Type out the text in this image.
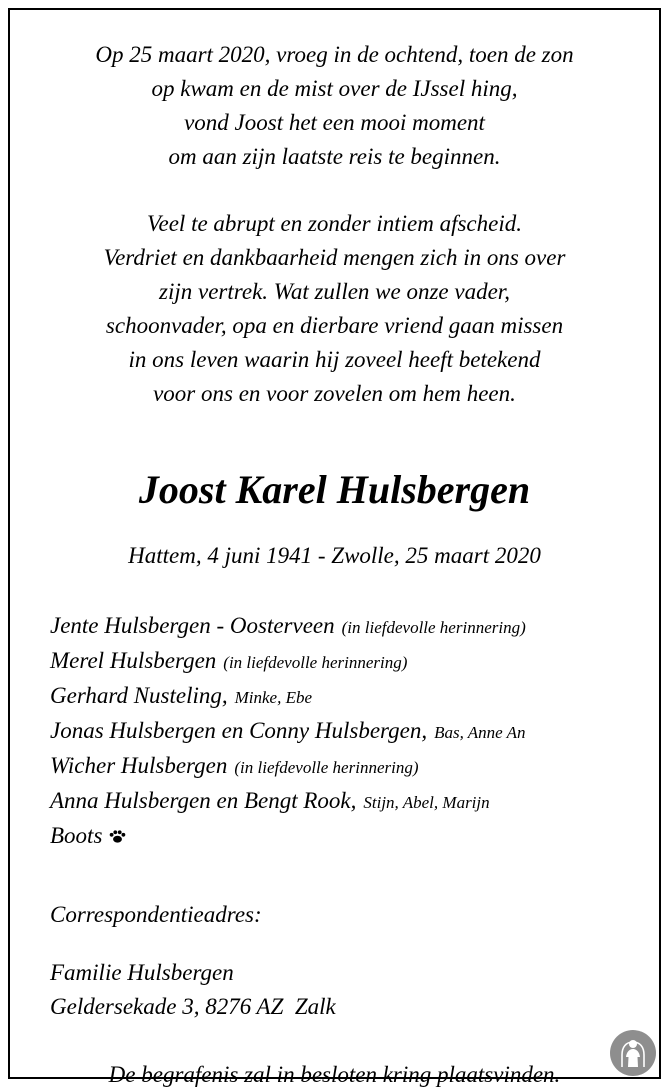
Op 25 maart 2020, vroeg in de ochtend, toen de zon
op kwam en de mist over de IJssel hing,
vond Joost het een mooi moment
om aan zijn laatste reis te beginnen.
Veel te abrupt en zonder intiem afscheid.
Verdriet en dankbaarheid mengen zich in ons over
zijn vertrek. Wat zullen we onze vader,
schoonvader, opa en dierbare vriend gaan missen
in ons leven waarin hij zoveel heeft betekend
voor ons en voor zovelen om hem heen.
Joost Karel Hulsbergen
Hattem, 4 juni 1941 - Zwolle, 25 maart 2020
Jente Hulsbergen - Oosterveen (in liefdevolle herinnering)
Merel Hulsbergen (in liefdevolle herinnering)
Gerhard Nusteling, Minke, Ebe
Jonas Hulsbergen en Conny Hulsbergen, Bas, Anne An
Wicher Hulsbergen (in liefdevolle herinnering)
Anna Hulsbergen en Bengt Rook, Stijn, Abel, Marijn
Boots
Correspondentieadres:
Familie Hulsbergen
Geldersekade 3, 8276 AZ  Zalk
De begrafenis zal in besloten kring plaatsvinden.
